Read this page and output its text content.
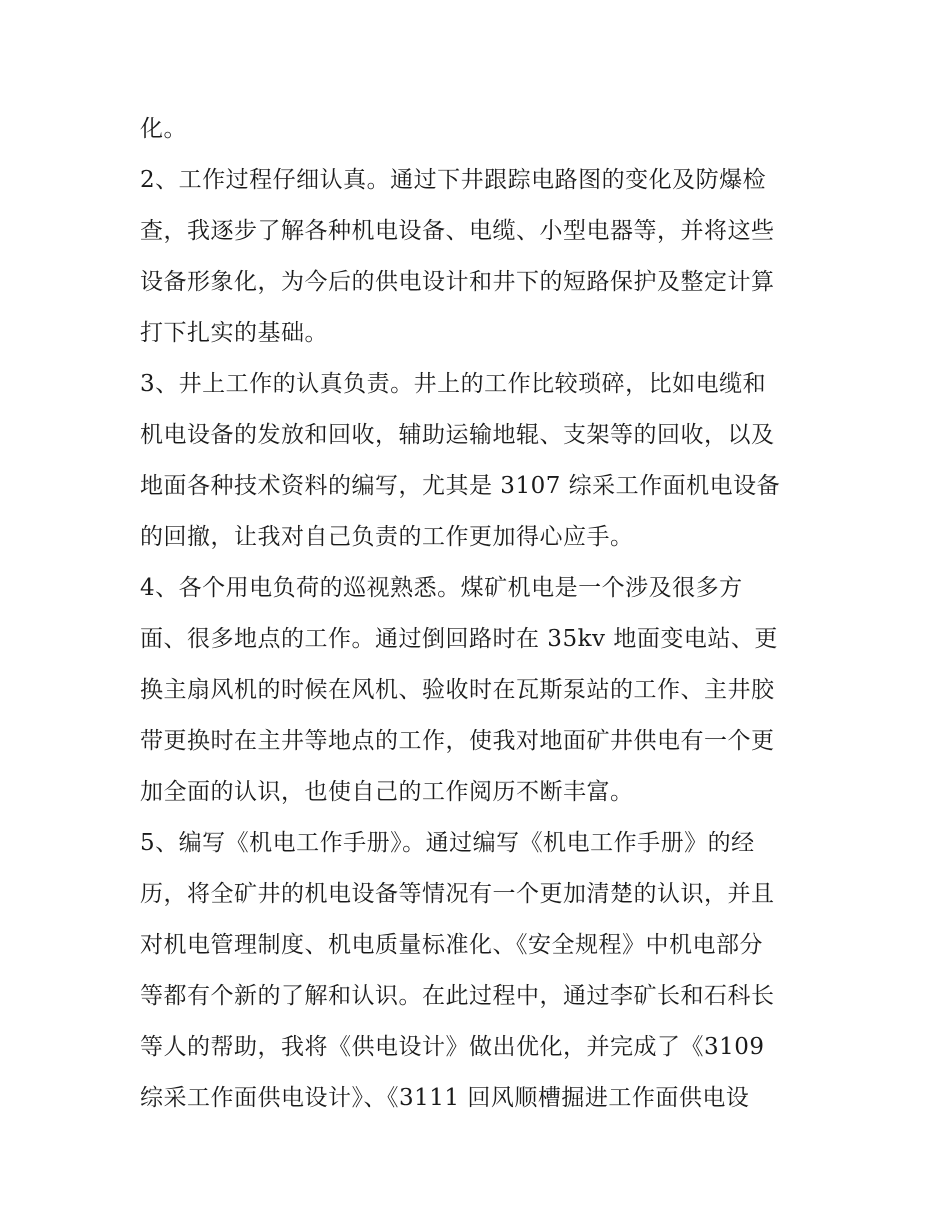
化。
2、工作过程仔细认真。通过下井跟踪电路图的变化及防爆检
查，我逐步了解各种机电设备、电缆、小型电器等，并将这些
设备形象化，为今后的供电设计和井下的短路保护及整定计算
打下扎实的基础。
3、井上工作的认真负责。井上的工作比较琐碎，比如电缆和
机电设备的发放和回收，辅助运输地辊、支架等的回收，以及
地面各种技术资料的编写，尤其是 3107 综采工作面机电设备
的回撤，让我对自己负责的工作更加得心应手。
4、各个用电负荷的巡视熟悉。煤矿机电是一个涉及很多方
面、很多地点的工作。通过倒回路时在 35kv 地面变电站、更
换主扇风机的时候在风机、验收时在瓦斯泵站的工作、主井胶
带更换时在主井等地点的工作，使我对地面矿井供电有一个更
加全面的认识，也使自己的工作阅历不断丰富。
5、编写《机电工作手册》。通过编写《机电工作手册》的经
历，将全矿井的机电设备等情况有一个更加清楚的认识，并且
对机电管理制度、机电质量标准化、《安全规程》中机电部分
等都有个新的了解和认识。在此过程中，通过李矿长和石科长
等人的帮助，我将《供电设计》做出优化，并完成了《3109
综采工作面供电设计》、《3111 回风顺槽掘进工作面供电设
